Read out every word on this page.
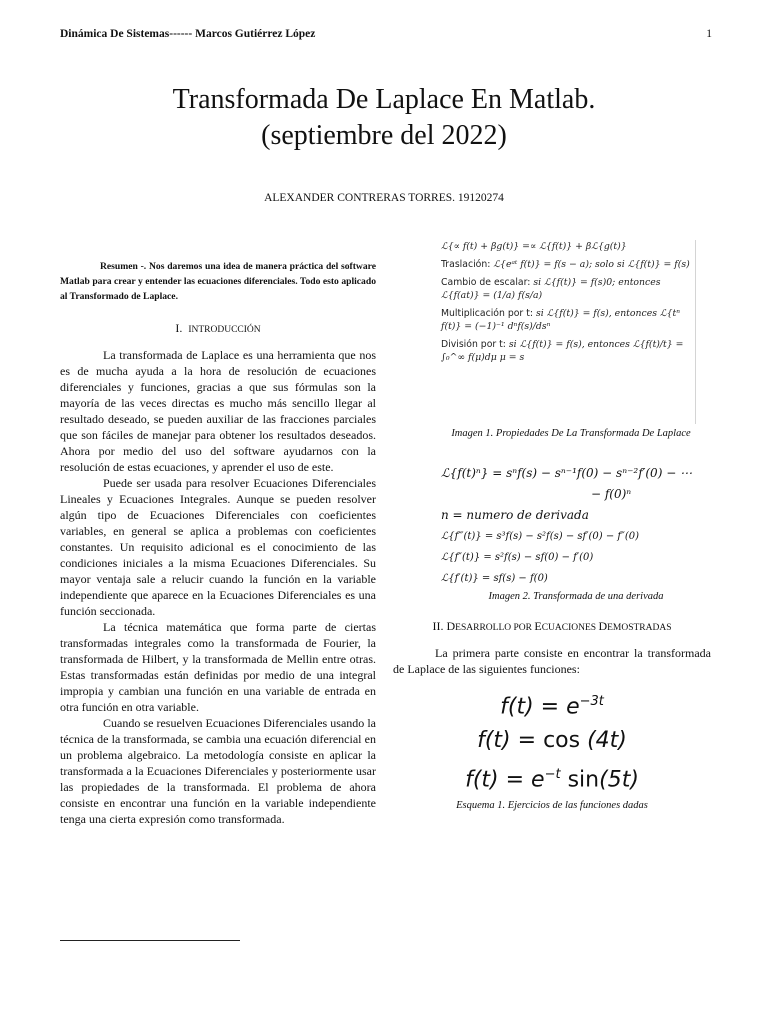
Dinámica De Sistemas------ Marcos Gutiérrez López	1
Transformada De Laplace En Matlab.
(septiembre del 2022)
ALEXANDER CONTRERAS TORRES. 19120274

Resumen -. Nos daremos una idea de manera práctica del software Matlab para crear y entender las ecuaciones diferenciales. Todo esto aplicado al Transformado de Laplace.

I. INTRODUCCIÓN

La transformada de Laplace es una herramienta que nos es de mucha ayuda a la hora de resolución de ecuaciones diferenciales y funciones, gracias a que sus fórmulas son la mayoría de las veces directas es mucho más sencillo llegar al resultado deseado, se pueden auxiliar de las fracciones parciales que son fáciles de manejar para obtener los resultados deseados. Ahora por medio del uso del software ayudarnos con la resolución de estas ecuaciones, y aprender el uso de este.

Puede ser usada para resolver Ecuaciones Diferenciales Lineales y Ecuaciones Integrales. Aunque se pueden resolver algún tipo de Ecuaciones Diferenciales con coeficientes variables, en general se aplica a problemas con coeficientes constantes. Un requisito adicional es el conocimiento de las condiciones iniciales a la misma Ecuaciones Diferenciales. Su mayor ventaja sale a relucir cuando la función en la variable independiente que aparece en la Ecuaciones Diferenciales es una función seccionada.

La técnica matemática que forma parte de ciertas transformadas integrales como la transformada de Fourier, la transformada de Hilbert, y la transformada de Mellin entre otras. Estas transformadas están definidas por medio de una integral impropia y cambian una función en una variable de entrada en otra función en otra variable.

Cuando se resuelven Ecuaciones Diferenciales usando la técnica de la transformada, se cambia una ecuación diferencial en un problema algebraico. La metodología consiste en aplicar la transformada a la Ecuaciones Diferenciales y posteriormente usar las propiedades de la transformada. El problema de ahora consiste en encontrar una función en la variable independiente tenga una cierta expresión como transformada.

ℒ{∝ f(t) + βg(t)} =∝ ℒ{f(t)} + βℒ{g(t)}
Traslación: ℒ{eᵃᵗ f(t)} = f(s − a); solo si ℒ{f(t)} = f(s)
Cambio de escalar: si ℒ{f(t)} = f(s)0; entonces ℒ{f(at)} = (1/a) f(s/a)
Multiplicación por t: si ℒ{f(t)} = f(s), entonces ℒ{tⁿ f(t)} = (−1)⁻¹ dⁿf(s)/dsⁿ
División por t: si ℒ{f(t)} = f(s), entonces ℒ{f(t)/t} = ∫₀^∞ f(μ)dμ μ = s
Imagen 1. Propiedades De La Transformada De Laplace
ℒ{f(t)ⁿ} = sⁿf(s) − sⁿ⁻¹f(0) − sⁿ⁻²f′(0) − ⋯
− f(0)ⁿ
n = numero de derivada
ℒ{f‴(t)} = s³f(s) − s²f(s) − sf′(0) − f″(0)
ℒ{f″(t)} = s²f(s) − sf(0) − f′(0)
ℒ{f′(t)} = sf(s) − f(0)
Imagen 2. Transformada de una derivada
II. DESARROLLO POR ECUACIONES DEMOSTRADAS

La primera parte consiste en encontrar la transformada de Laplace de las siguientes funciones:

$f(t) = e^{-3t}$
f(t) = cos (4t)
$f(t) = e^{-t}$ sin(5t)
Esquema 1. Ejercicios de las funciones dadas
